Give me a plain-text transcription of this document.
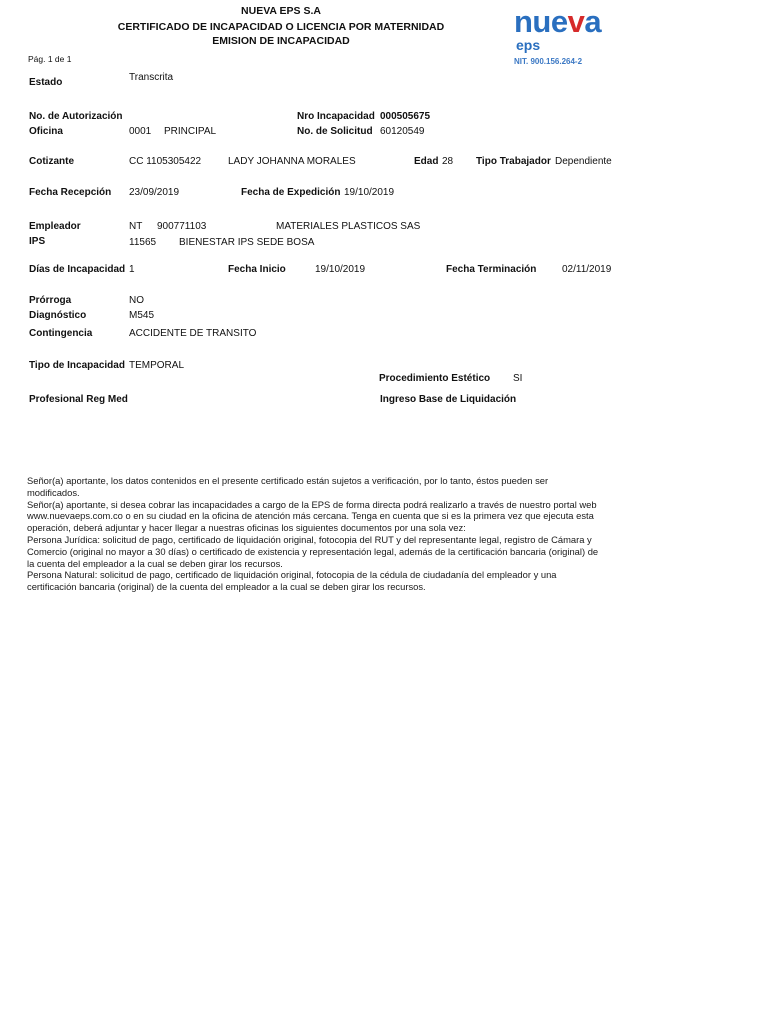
NUEVA EPS S.A
CERTIFICADO DE INCAPACIDAD O LICENCIA POR MATERNIDAD
EMISION DE INCAPACIDAD
Pág. 1 de 1
nueva
eps
NIT. 900.156.264-2
Estado	Transcrita
No. de Autorización	Nro Incapacidad 000505675
Oficina	0001 PRINCIPAL	No. de Solicitud 60120549
Cotizante	CC 1105305422	LADY JOHANNA MORALES	Edad 28 Tipo Trabajador Dependiente
Fecha Recepción 23/09/2019	Fecha de Expedición 19/10/2019
Empleador	NT 900771103	MATERIALES PLASTICOS SAS
IPS	11565 BIENESTAR IPS SEDE BOSA
Días de Incapacidad 1	Fecha Inicio	19/10/2019	Fecha Terminación	02/11/2019
Prórroga	NO
Diagnóstico	M545
Contingencia	ACCIDENTE DE TRANSITO
Tipo de Incapacidad TEMPORAL
Procedimiento Estético SI
Profesional Reg Med	Ingreso Base de Liquidación

Señor(a) aportante, los datos contenidos en el presente certificado están sujetos a verificación, por lo tanto, éstos pueden ser modificados.

Señor(a) aportante, si desea cobrar las incapacidades a cargo de la EPS de forma directa podrá realizarlo a través de nuestro portal web www.nuevaeps.com.co o en su ciudad en la oficina de atención más cercana. Tenga en cuenta que si es la primera vez que ejecuta esta operación, deberá adjuntar y hacer llegar a nuestras oficinas los siguientes documentos por una sola vez:

Persona Jurídica: solicitud de pago, certificado de liquidación original, fotocopia del RUT y del representante legal, registro de Cámara y Comercio (original no mayor a 30 días) o certificado de existencia y representación legal, además de la certificación bancaria (original) de la cuenta del empleador a la cual se deben girar los recursos.

Persona Natural: solicitud de pago, certificado de liquidación original, fotocopia de la cédula de ciudadanía del empleador y una certificación bancaria (original) de la cuenta del empleador a la cual se deben girar los recursos.
